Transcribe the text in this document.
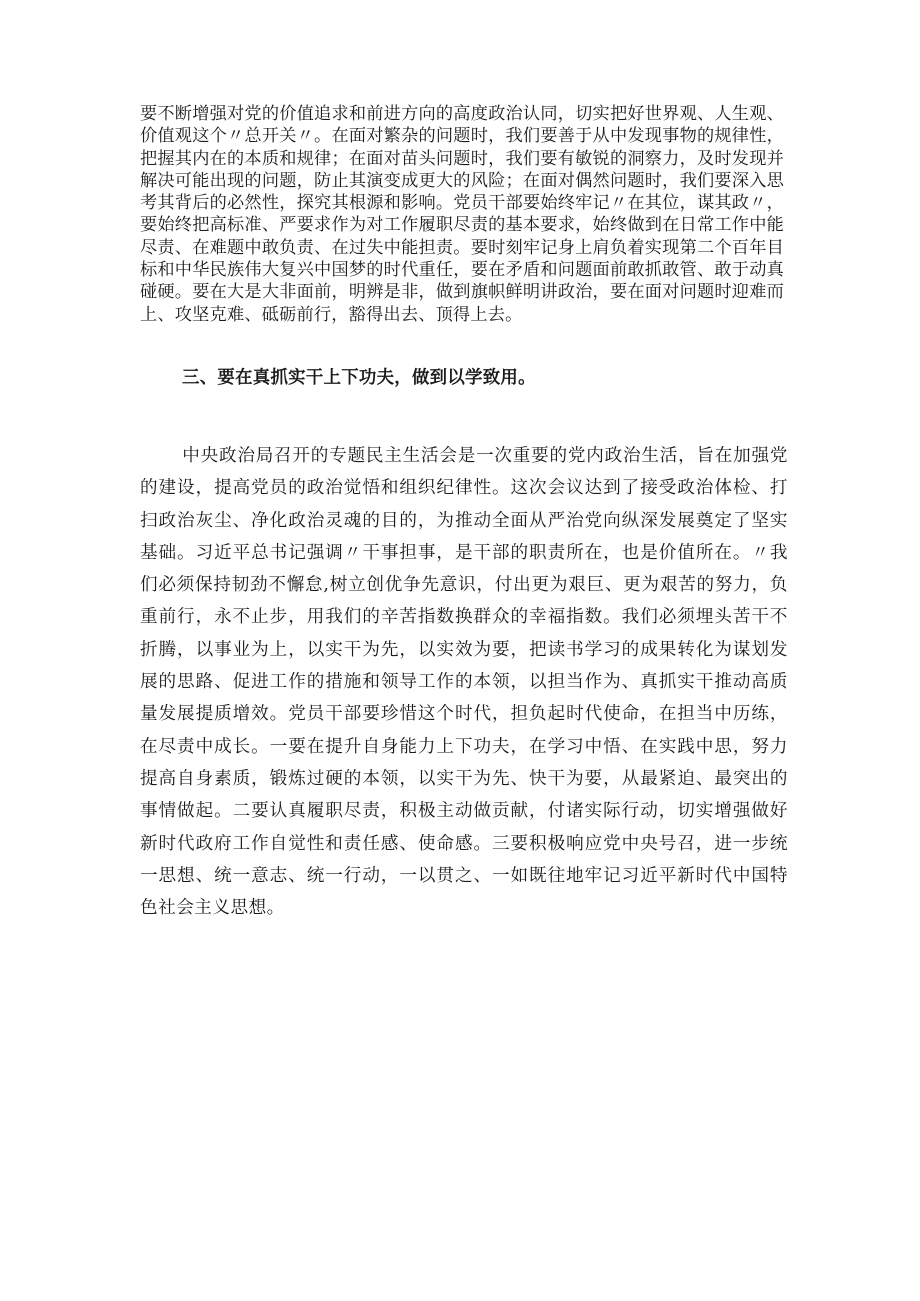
要不断增强对党的价值追求和前进方向的高度政治认同，切实把好世界观、人生观、价值观这个〃总开关〃。在面对繁杂的问题时，我们要善于从中发现事物的规律性，把握其内在的本质和规律；在面对苗头问题时，我们要有敏锐的洞察力，及时发现并解决可能出现的问题，防止其演变成更大的风险；在面对偶然问题时，我们要深入思考其背后的必然性，探究其根源和影响。党员干部要始终牢记〃在其位，谋其政〃，要始终把高标准、严要求作为对工作履职尽责的基本要求，始终做到在日常工作中能尽责、在难题中敢负责、在过失中能担责。要时刻牢记身上肩负着实现第二个百年目标和中华民族伟大复兴中国梦的时代重任，要在矛盾和问题面前敢抓敢管、敢于动真碰硬。要在大是大非面前，明辨是非，做到旗帜鲜明讲政治，要在面对问题时迎难而上、攻坚克难、砥砺前行，豁得出去、顶得上去。

三、要在真抓实干上下功夫，做到以学致用。

中央政治局召开的专题民主生活会是一次重要的党内政治生活，旨在加强党的建设，提高党员的政治觉悟和组织纪律性。这次会议达到了接受政治体检、打扫政治灰尘、净化政治灵魂的目的，为推动全面从严治党向纵深发展奠定了坚实基础。习近平总书记强调〃干事担事，是干部的职责所在，也是价值所在。〃我们必须保持韧劲不懈怠,树立创优争先意识，付出更为艰巨、更为艰苦的努力，负重前行，永不止步，用我们的辛苦指数换群众的幸福指数。我们必须埋头苦干不折腾，以事业为上，以实干为先，以实效为要，把读书学习的成果转化为谋划发展的思路、促进工作的措施和领导工作的本领，以担当作为、真抓实干推动高质量发展提质增效。党员干部要珍惜这个时代，担负起时代使命，在担当中历练，在尽责中成长。一要在提升自身能力上下功夫，在学习中悟、在实践中思，努力提高自身素质，锻炼过硬的本领，以实干为先、快干为要，从最紧迫、最突出的事情做起。二要认真履职尽责，积极主动做贡献，付诸实际行动，切实增强做好新时代政府工作自觉性和责任感、使命感。三要积极响应党中央号召，进一步统一思想、统一意志、统一行动，一以贯之、一如既往地牢记习近平新时代中国特色社会主义思想。
